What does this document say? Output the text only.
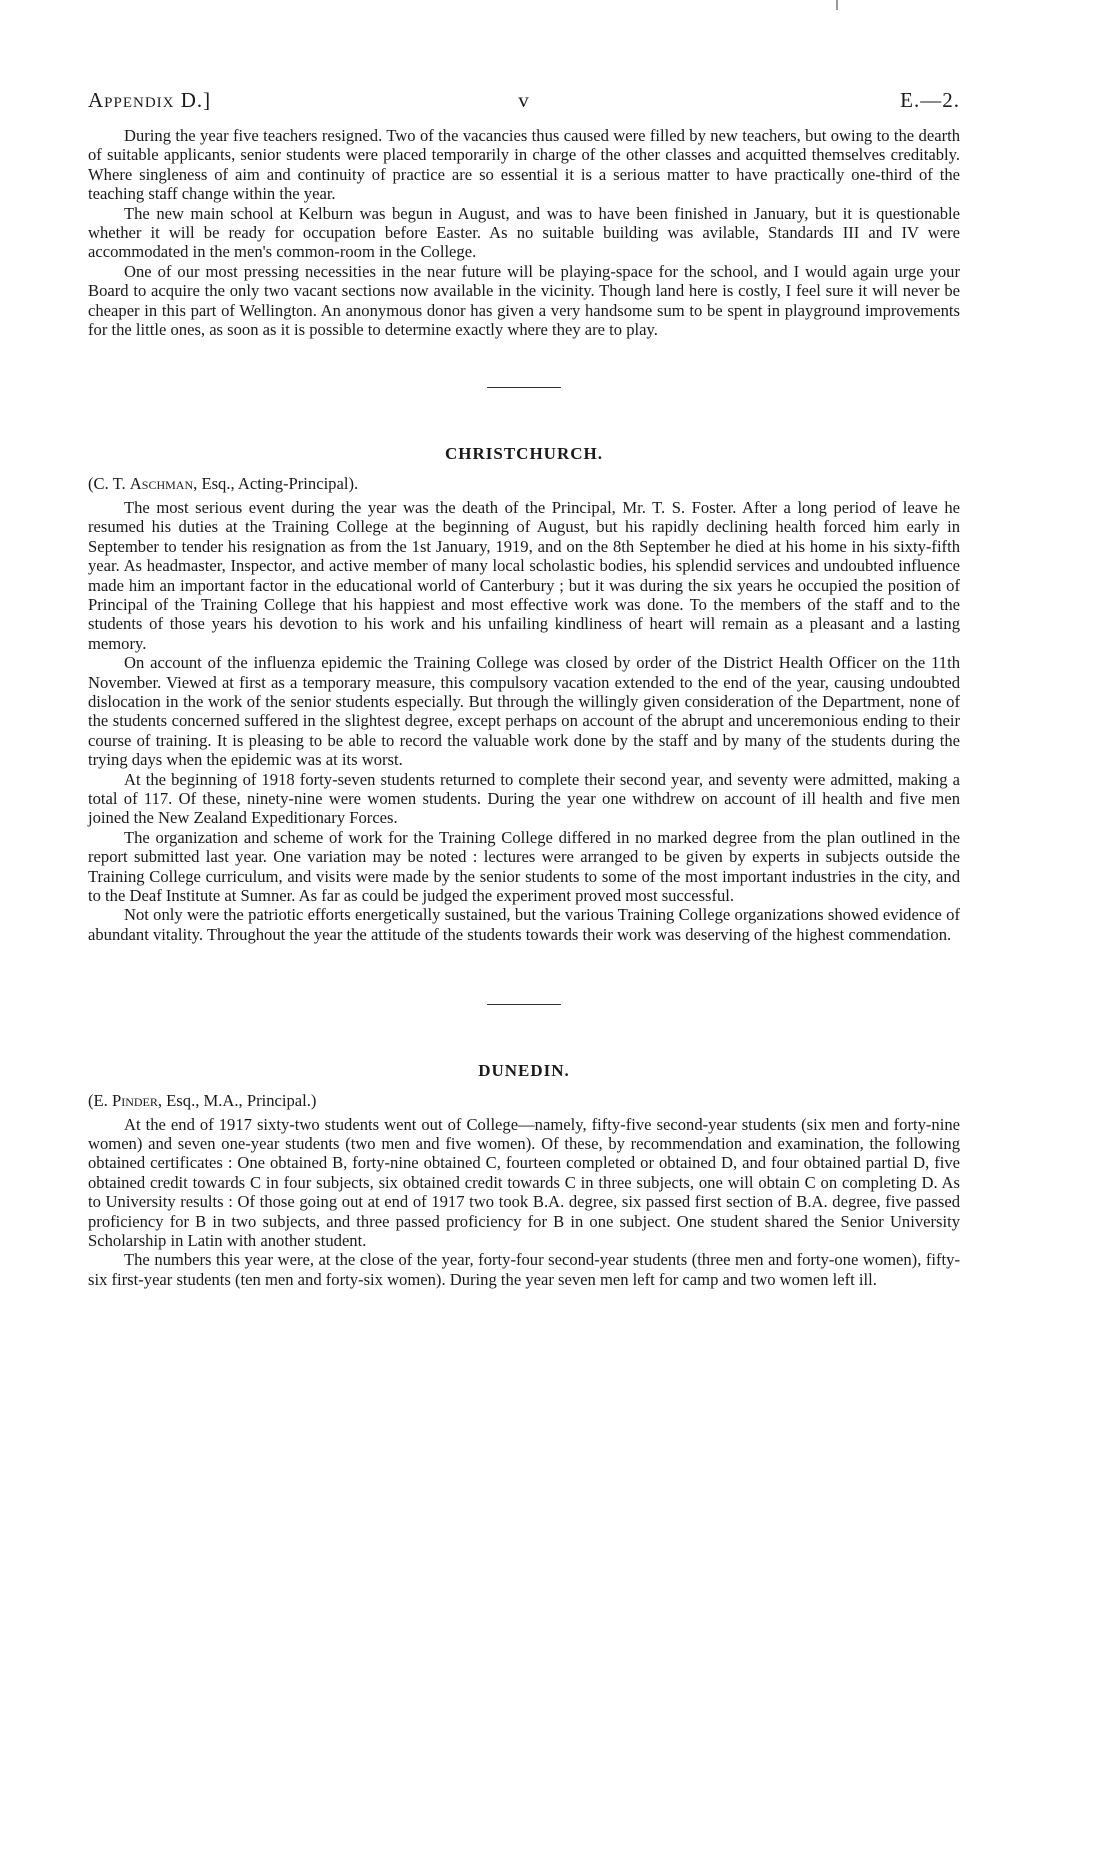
Appendix D.]	v	E.—2.

During the year five teachers resigned. Two of the vacancies thus caused were filled by new teachers, but owing to the dearth of suitable applicants, senior students were placed temporarily in charge of the other classes and acquitted themselves creditably. Where singleness of aim and continuity of practice are so essential it is a serious matter to have practically one-third of the teaching staff change within the year.

The new main school at Kelburn was begun in August, and was to have been finished in January, but it is questionable whether it will be ready for occupation before Easter. As no suitable building was avilable, Standards III and IV were accommodated in the men's common-room in the College.

One of our most pressing necessities in the near future will be playing-space for the school, and I would again urge your Board to acquire the only two vacant sections now available in the vicinity. Though land here is costly, I feel sure it will never be cheaper in this part of Wellington. An anonymous donor has given a very handsome sum to be spent in playground improvements for the little ones, as soon as it is possible to determine exactly where they are to play.

CHRISTCHURCH.

(C. T. Aschman, Esq., Acting-Principal).

The most serious event during the year was the death of the Principal, Mr. T. S. Foster. After a long period of leave he resumed his duties at the Training College at the beginning of August, but his rapidly declining health forced him early in September to tender his resignation as from the 1st January, 1919, and on the 8th September he died at his home in his sixty-fifth year. As headmaster, Inspector, and active member of many local scholastic bodies, his splendid services and undoubted influence made him an important factor in the educational world of Canterbury ; but it was during the six years he occupied the position of Principal of the Training College that his happiest and most effective work was done. To the members of the staff and to the students of those years his devotion to his work and his unfailing kindliness of heart will remain as a pleasant and a lasting memory.

On account of the influenza epidemic the Training College was closed by order of the District Health Officer on the 11th November. Viewed at first as a temporary measure, this compulsory vacation extended to the end of the year, causing undoubted dislocation in the work of the senior students especially. But through the willingly given consideration of the Department, none of the students concerned suffered in the slightest degree, except perhaps on account of the abrupt and unceremonious ending to their course of training. It is pleasing to be able to record the valuable work done by the staff and by many of the students during the trying days when the epidemic was at its worst.

At the beginning of 1918 forty-seven students returned to complete their second year, and seventy were admitted, making a total of 117. Of these, ninety-nine were women students. During the year one withdrew on account of ill health and five men joined the New Zealand Expeditionary Forces.

The organization and scheme of work for the Training College differed in no marked degree from the plan outlined in the report submitted last year. One variation may be noted : lectures were arranged to be given by experts in subjects outside the Training College curriculum, and visits were made by the senior students to some of the most important industries in the city, and to the Deaf Institute at Sumner. As far as could be judged the experiment proved most successful.

Not only were the patriotic efforts energetically sustained, but the various Training College organizations showed evidence of abundant vitality. Throughout the year the attitude of the students towards their work was deserving of the highest commendation.

DUNEDIN.

(E. Pinder, Esq., M.A., Principal.)

At the end of 1917 sixty-two students went out of College—namely, fifty-five second-year students (six men and forty-nine women) and seven one-year students (two men and five women). Of these, by recommendation and examination, the following obtained certificates : One obtained B, forty-nine obtained C, fourteen completed or obtained D, and four obtained partial D, five obtained credit towards C in four subjects, six obtained credit towards C in three subjects, one will obtain C on completing D. As to University results : Of those going out at end of 1917 two took B.A. degree, six passed first section of B.A. degree, five passed proficiency for B in two subjects, and three passed proficiency for B in one subject. One student shared the Senior University Scholarship in Latin with another student.

The numbers this year were, at the close of the year, forty-four second-year students (three men and forty-one women), fifty-six first-year students (ten men and forty-six women). During the year seven men left for camp and two women left ill.
